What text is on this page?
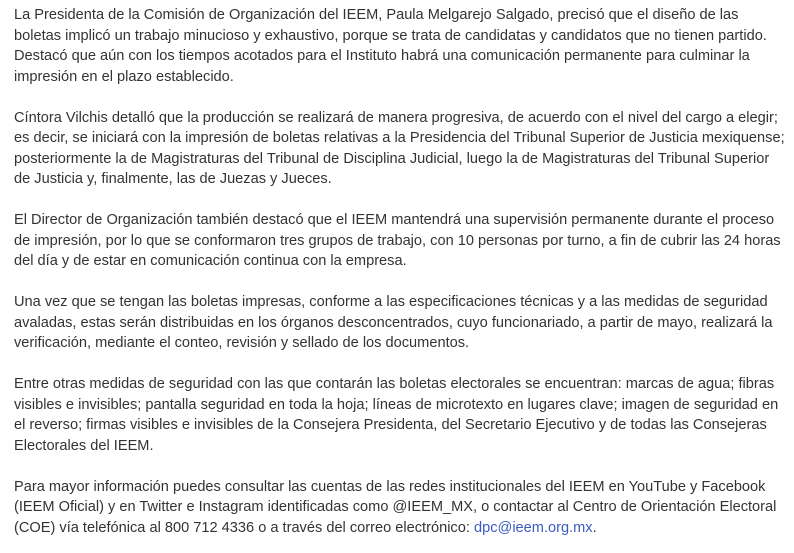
La Presidenta de la Comisión de Organización del IEEM, Paula Melgarejo Salgado, precisó que el diseño de las boletas implicó un trabajo minucioso y exhaustivo, porque se trata de candidatas y candidatos que no tienen partido. Destacó que aún con los tiempos acotados para el Instituto habrá una comunicación permanente para culminar la impresión en el plazo establecido.

Cíntora Vilchis detalló que la producción se realizará de manera progresiva, de acuerdo con el nivel del cargo a elegir; es decir, se iniciará con la impresión de boletas relativas a la Presidencia del Tribunal Superior de Justicia mexiquense; posteriormente la de Magistraturas del Tribunal de Disciplina Judicial, luego la de Magistraturas del Tribunal Superior de Justicia y, finalmente, las de Juezas y Jueces.

El Director de Organización también destacó que el IEEM mantendrá una supervisión permanente durante el proceso de impresión, por lo que se conformaron tres grupos de trabajo, con 10 personas por turno, a fin de cubrir las 24 horas del día y de estar en comunicación continua con la empresa.

Una vez que se tengan las boletas impresas, conforme a las especificaciones técnicas y a las medidas de seguridad avaladas, estas serán distribuidas en los órganos desconcentrados, cuyo funcionariado, a partir de mayo, realizará la verificación, mediante el conteo, revisión y sellado de los documentos.

Entre otras medidas de seguridad con las que contarán las boletas electorales se encuentran: marcas de agua; fibras visibles e invisibles; pantalla seguridad en toda la hoja; líneas de microtexto en lugares clave; imagen de seguridad en el reverso; firmas visibles e invisibles de la Consejera Presidenta, del Secretario Ejecutivo y de todas las Consejeras Electorales del IEEM.

Para mayor información puedes consultar las cuentas de las redes institucionales del IEEM en YouTube y Facebook (IEEM Oficial) y en Twitter e Instagram identificadas como @IEEM_MX, o contactar al Centro de Orientación Electoral (COE) vía telefónica al 800 712 4336 o a través del correo electrónico: dpc@ieem.org.mx.
